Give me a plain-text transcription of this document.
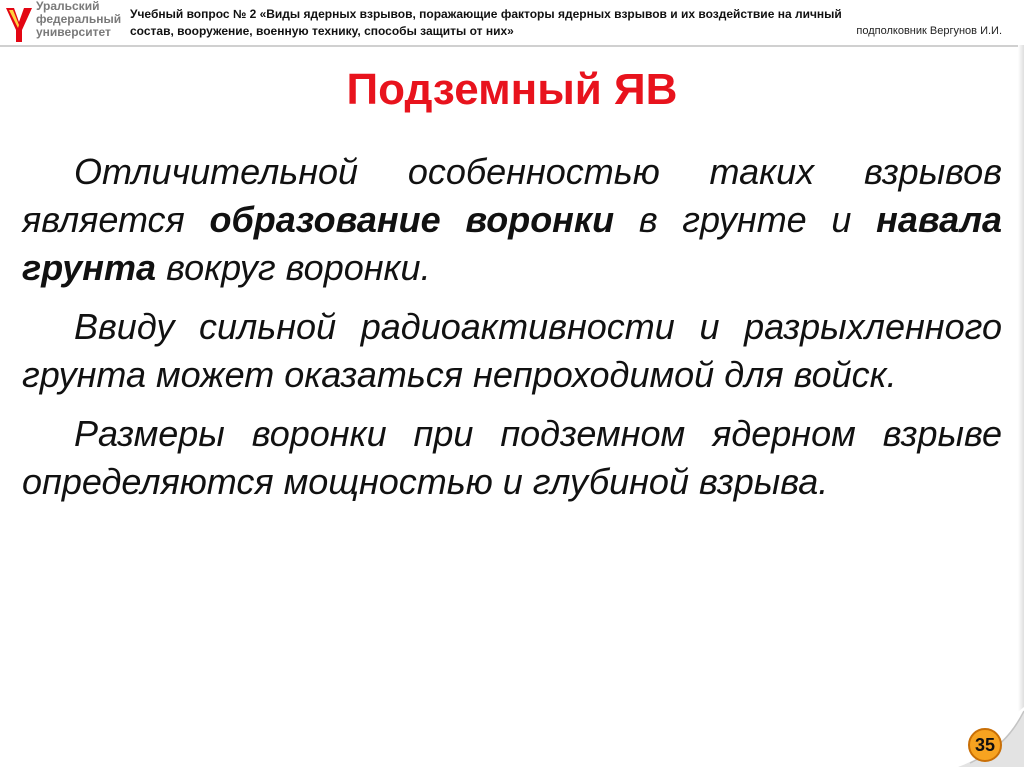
Уральский
федеральный
университет
Учебный вопрос № 2 «Виды ядерных взрывов, поражающие факторы ядерных взрывов и их воздействие на личный
состав, вооружение, военную технику, способы защиты от них»	подполковник Вергунов И.И.
Подземный ЯВ

Отличительной особенностью таких взрывов является образование воронки в грунте и навала грунта вокруг воронки.

Ввиду сильной радиоактивности и разрыхленного грунта может оказаться непроходимой для войск.

Размеры воронки при подземном ядерном взрыве определяются мощностью и глубиной взрыва.

35
